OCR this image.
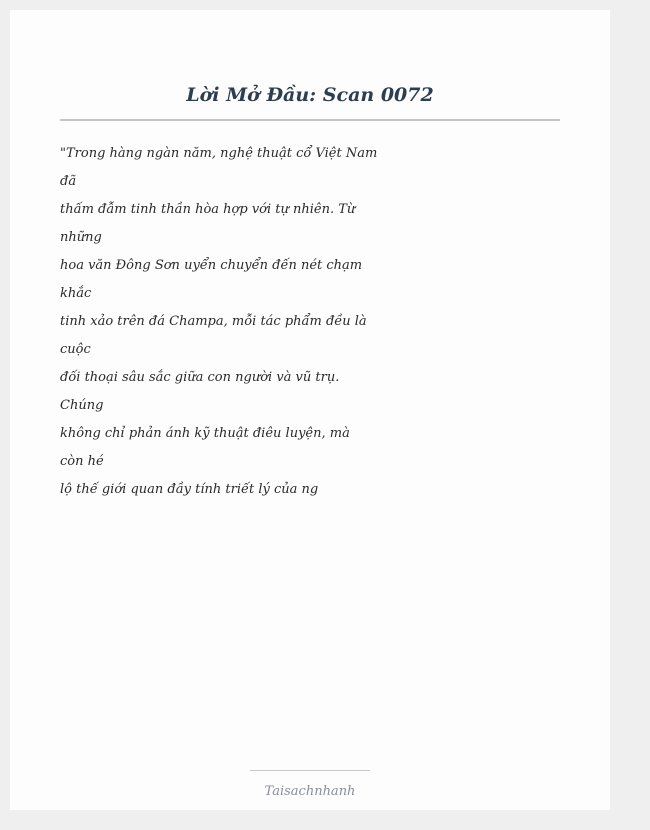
Lời Mở Đầu: Scan 0072
"Trong hàng ngàn năm, nghệ thuật cổ Việt Nam
đã
thấm đẫm tinh thần hòa hợp với tự nhiên. Từ
những
hoa văn Đông Sơn uyển chuyển đến nét chạm
khắc
tinh xảo trên đá Champa, mỗi tác phẩm đều là
cuộc
đối thoại sâu sắc giữa con người và vũ trụ.
Chúng
không chỉ phản ánh kỹ thuật điêu luyện, mà
còn hé
lộ thế giới quan đầy tính triết lý của ng
Taisachnhanh
